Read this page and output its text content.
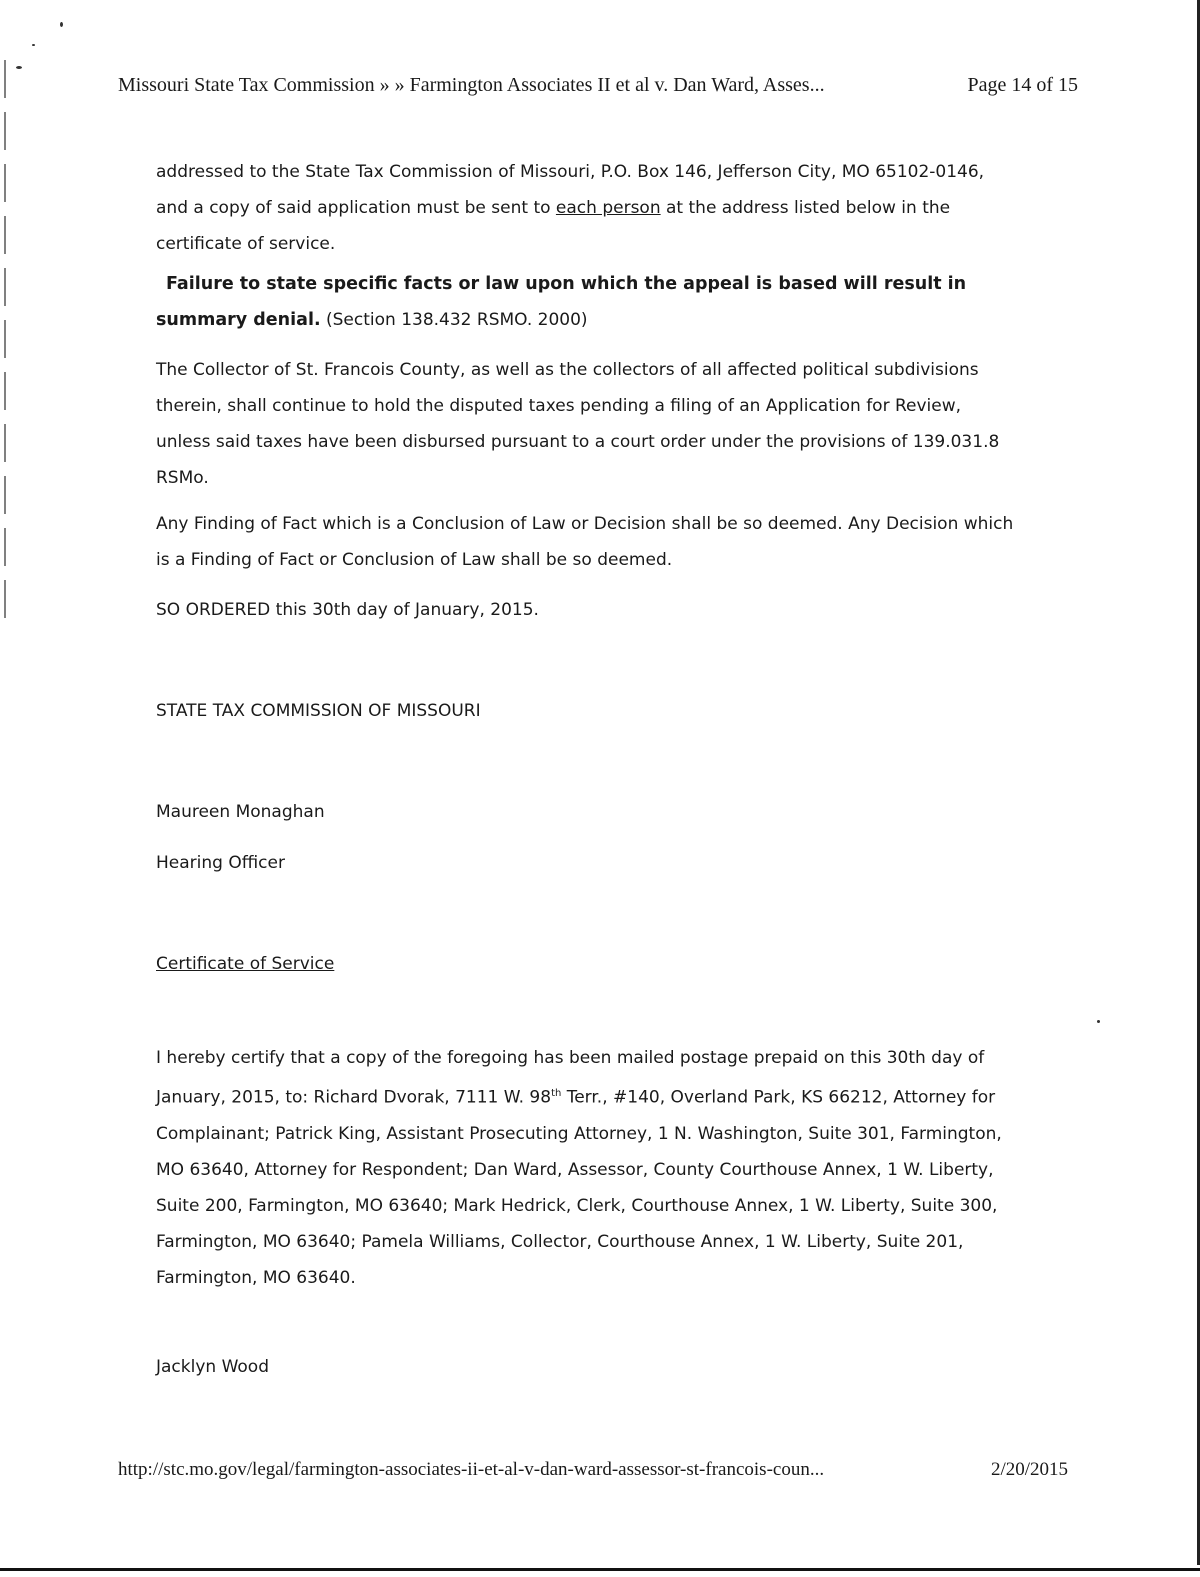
Missouri State Tax Commission » » Farmington Associates II et al v. Dan Ward, Asses...	Page 14 of 15

addressed to the State Tax Commission of Missouri, P.O. Box 146, Jefferson City, MO 65102-0146, and a copy of said application must be sent to each person at the address listed below in the certificate of service.

Failure to state specific facts or law upon which the appeal is based will result in summary denial. (Section 138.432 RSMO. 2000)

The Collector of St. Francois County, as well as the collectors of all affected political subdivisions therein, shall continue to hold the disputed taxes pending a filing of an Application for Review, unless said taxes have been disbursed pursuant to a court order under the provisions of 139.031.8 RSMo.

Any Finding of Fact which is a Conclusion of Law or Decision shall be so deemed. Any Decision which is a Finding of Fact or Conclusion of Law shall be so deemed.

SO ORDERED this 30th day of January, 2015.

STATE TAX COMMISSION OF MISSOURI

Maureen Monaghan

Hearing Officer

Certificate of Service

I hereby certify that a copy of the foregoing has been mailed postage prepaid on this 30th day of January, 2015, to: Richard Dvorak, 7111 W. 98th Terr., #140, Overland Park, KS 66212, Attorney for Complainant; Patrick King, Assistant Prosecuting Attorney, 1 N. Washington, Suite 301, Farmington, MO 63640, Attorney for Respondent; Dan Ward, Assessor, County Courthouse Annex, 1 W. Liberty, Suite 200, Farmington, MO 63640; Mark Hedrick, Clerk, Courthouse Annex, 1 W. Liberty, Suite 300, Farmington, MO 63640; Pamela Williams, Collector, Courthouse Annex, 1 W. Liberty, Suite 201, Farmington, MO 63640.

Jacklyn Wood

http://stc.mo.gov/legal/farmington-associates-ii-et-al-v-dan-ward-assessor-st-francois-coun...	2/20/2015
